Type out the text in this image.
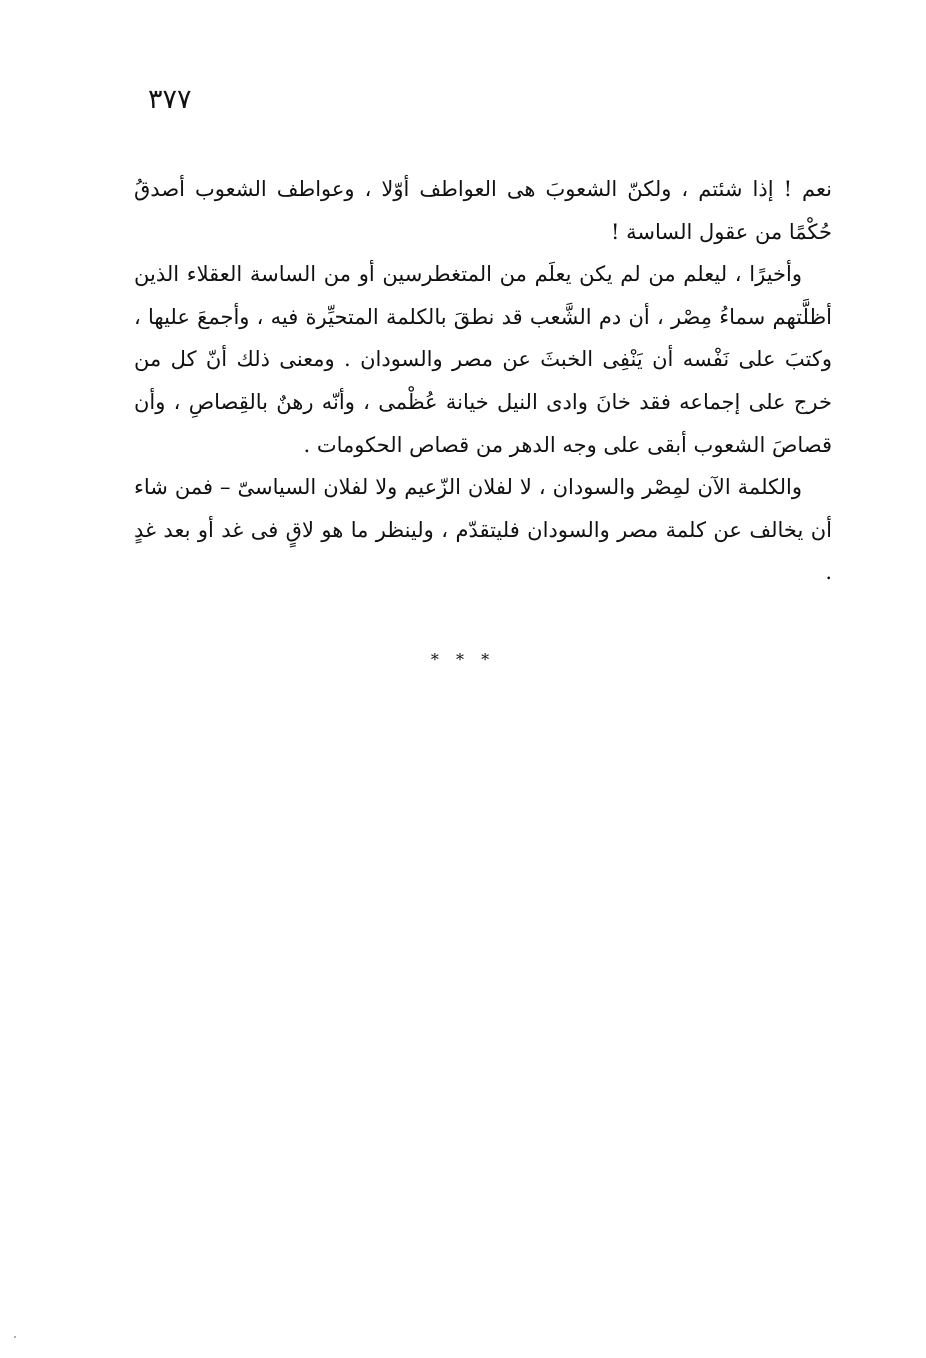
٣٧٧

نعم ! إذا شئتم ، ولكنّ الشعوبَ هى العواطف أوّلا ، وعواطف الشعوب أصدقُ حُكْمًا من عقول الساسة !

وأخيرًا ، ليعلم من لم يكن يعلَم من المتغطرسين أو من الساسة العقلاء الذين أظلَّتهم سماءُ مِصْر ، أن دم الشَّعب قد نطقَ بالكلمة المتحيِّرة فيه ، وأجمعَ عليها ، وكتبَ على نَفْسه أن يَنْفِى الخبثَ عن مصر والسودان . ومعنى ذلك أنّ كل من خرج على إجماعه فقد خانَ وادى النيل خيانة عُظْمى ، وأنّه رهنٌ بالقِصاصِ ، وأن قصاصَ الشعوب أبقى على وجه الدهر من قصاص الحكومات .

والكلمة الآن لمِصْر والسودان ، لا لفلان الزّعيم ولا لفلان السياسىّ – فمن شاء أن يخالف عن كلمة مصر والسودان فليتقدّم ، ولينظر ما هو لاقٍ فى غد أو بعد غدٍ .

* * *
